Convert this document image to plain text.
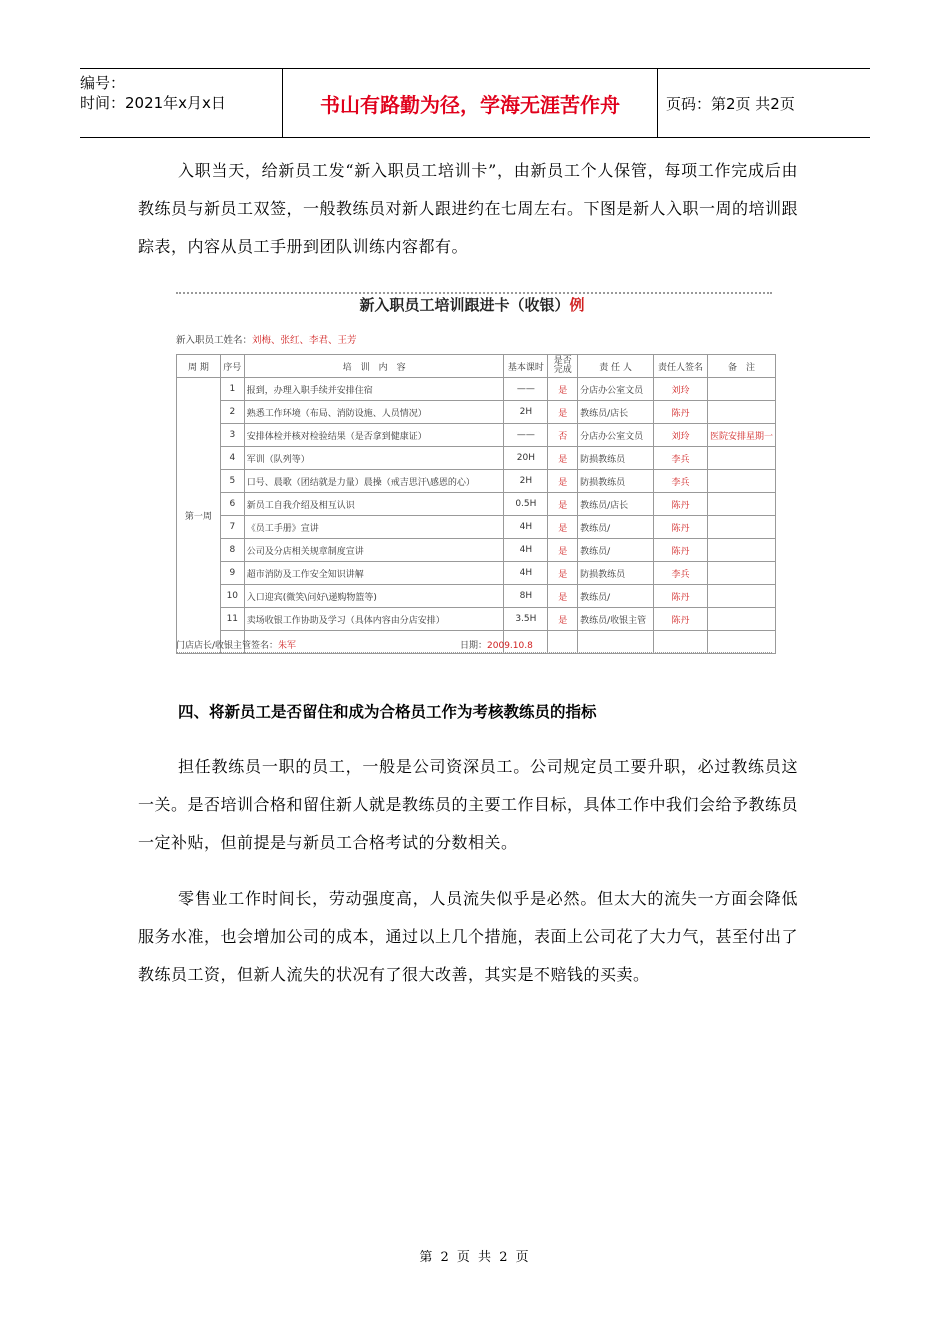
编号：
时间：2021年x月x日	书山有路勤为径，学海无涯苦作舟	页码：第2页 共2页
入职当天，给新员工发“新入职员工培训卡”，由新员工个人保管，每项工作完成后由教练员与新员工双签，一般教练员对新人跟进约在七周左右。下图是新人入职一周的培训跟踪表，内容从员工手册到团队训练内容都有。
新入职员工培训跟进卡（收银）例
新入职员工姓名：刘梅、张红、李君、王芳
周 期	序号	培　训　内　容	基本课时	是否完成	责 任 人	责任人签名	备　注
第一周	1	报到，办理入职手续并安排住宿	——	是	分店办公室文员	刘玲	
	2	熟悉工作环境（布局、消防设施、人员情况）	2H	是	教练员/店长	陈丹	
	3	安排体检并核对检验结果（是否拿到健康证）	——	否	分店办公室文员	刘玲	医院安排星期一
	4	军训（队列等）	20H	是	防损教练员	李兵	
	5	口号、晨歌（团结就是力量）晨操（戒吉思汗\感恩的心）	2H	是	防损教练员	李兵	
	6	新员工自我介绍及相互认识	0.5H	是	教练员/店长	陈丹	
	7	《员工手册》宣讲	4H	是	教练员/	陈丹	
	8	公司及分店相关规章制度宣讲	4H	是	教练员/	陈丹	
	9	超市消防及工作安全知识讲解	4H	是	防损教练员	李兵	
	10	入口迎宾(微笑\问好\递购物篮等)	8H	是	教练员/	陈丹	
	11	卖场收银工作协助及学习（具体内容由分店安排）	3.5H	是	教练员/收银主管	陈丹	

门店店长/收银主管签名：朱军	日期：2009.10.8
四、将新员工是否留住和成为合格员工作为考核教练员的指标
担任教练员一职的员工，一般是公司资深员工。公司规定员工要升职，必过教练员这一关。是否培训合格和留住新人就是教练员的主要工作目标，具体工作中我们会给予教练员一定补贴，但前提是与新员工合格考试的分数相关。
零售业工作时间长，劳动强度高，人员流失似乎是必然。但太大的流失一方面会降低服务水准，也会增加公司的成本，通过以上几个措施，表面上公司花了大力气，甚至付出了教练员工资，但新人流失的状况有了很大改善，其实是不赔钱的买卖。
第 2 页 共 2 页
